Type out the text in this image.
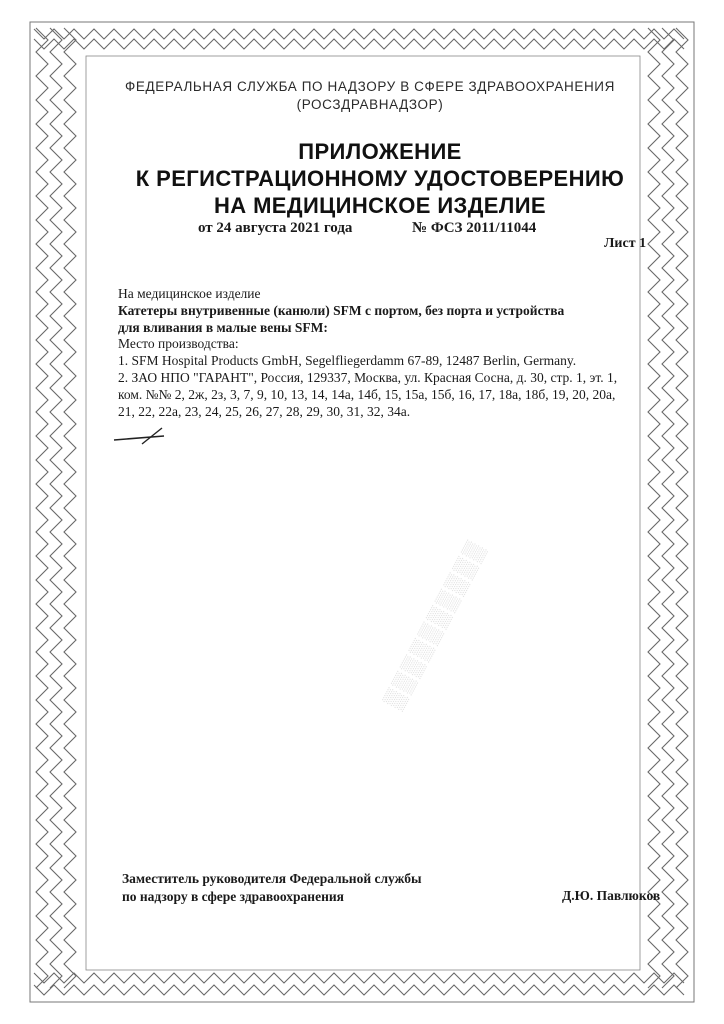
ФЕДЕРАЛЬНАЯ СЛУЖБА ПО НАДЗОРУ В СФЕРЕ ЗДРАВООХРАНЕНИЯ
(РОСЗДРАВНАДЗОР)
ПРИЛОЖЕНИЕ
К РЕГИСТРАЦИОННОМУ УДОСТОВЕРЕНИЮ
НА МЕДИЦИНСКОЕ ИЗДЕЛИЕ
от 24 августа 2021 года	№ ФСЗ 2011/11044
Лист 1
На медицинское изделие
Катетеры внутривенные (канюли) SFM с портом, без порта и устройства
для вливания в малые вены SFM:
Место производства:
1. SFM Hospital Products GmbH, Segelfliegerdamm 67-89, 12487 Berlin, Germany.
2. ЗАО НПО "ГАРАНТ", Россия, 129337, Москва, ул. Красная Сосна, д. 30, стр. 1, эт. 1,
ком. №№ 2, 2ж, 2з, 3, 7, 9, 10, 13, 14, 14а, 14б, 15, 15а, 15б, 16, 17, 18а, 18б, 19, 20, 20а,
21, 22, 22а, 23, 24, 25, 26, 27, 28, 29, 30, 31, 32, 34а.
▒▒▒▒▒▒▒▒▒▒
Заместитель руководителя Федеральной службы
по надзору в сфере здравоохранения	Д.Ю. Павлюков
